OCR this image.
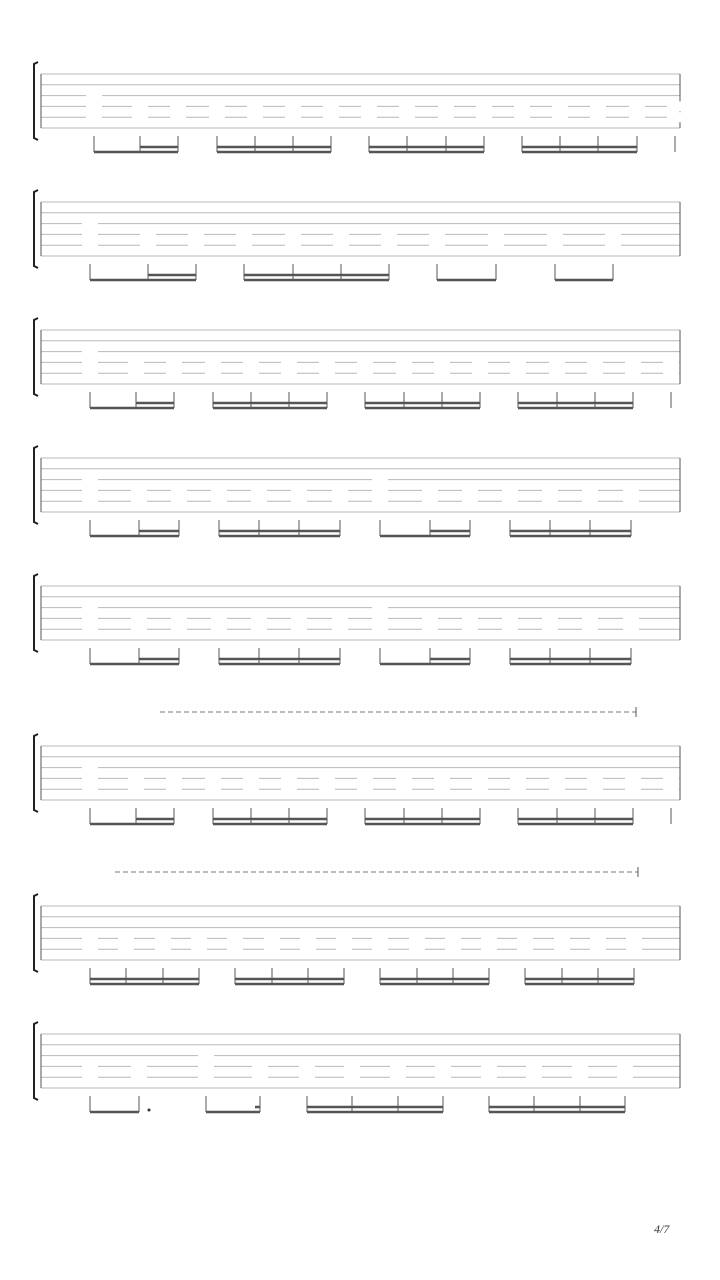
4/7
